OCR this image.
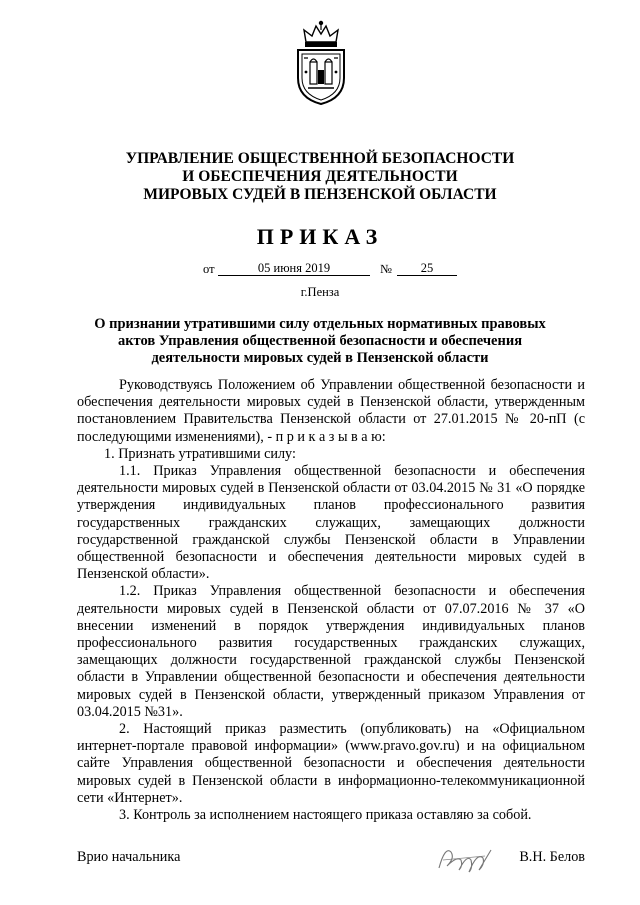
УПРАВЛЕНИЕ ОБЩЕСТВЕННОЙ БЕЗОПАСНОСТИ
И ОБЕСПЕЧЕНИЯ ДЕЯТЕЛЬНОСТИ
МИРОВЫХ СУДЕЙ В ПЕНЗЕНСКОЙ ОБЛАСТИ
ПРИКАЗ
от	05 июня 2019	№	25
г.Пенза
О признании утратившими силу отдельных нормативных правовых актов Управления общественной безопасности и обеспечения деятельности мировых судей в Пензенской области

Руководствуясь Положением об Управлении общественной безопасности и обеспечения деятельности мировых судей в Пензенской области, утвержденным постановлением Правительства Пензенской области от 27.01.2015 № 20-пП (с последующими изменениями), - п р и к а з ы в а ю:

1. Признать утратившими силу:

1.1. Приказ Управления общественной безопасности и обеспечения деятельности мировых судей в Пензенской области от 03.04.2015 № 31 «О порядке утверждения индивидуальных планов профессионального развития государственных гражданских служащих, замещающих должности государственной гражданской службы Пензенской области в Управлении общественной безопасности и обеспечения деятельности мировых судей в Пензенской области».

1.2. Приказ Управления общественной безопасности и обеспечения деятельности мировых судей в Пензенской области от 07.07.2016 № 37 «О внесении изменений в порядок утверждения индивидуальных планов профессионального развития государственных гражданских служащих, замещающих должности государственной гражданской службы Пензенской области в Управлении общественной безопасности и обеспечения деятельности мировых судей в Пензенской области, утвержденный приказом Управления от 03.04.2015 №31».

2. Настоящий приказ разместить (опубликовать) на «Официальном интернет-портале правовой информации» (www.pravo.gov.ru) и на официальном сайте Управления общественной безопасности и обеспечения деятельности мировых судей в Пензенской области в информационно-телекоммуникационной сети «Интернет».

3. Контроль за исполнением настоящего приказа оставляю за собой.

Врио начальника	В.Н. Белов
